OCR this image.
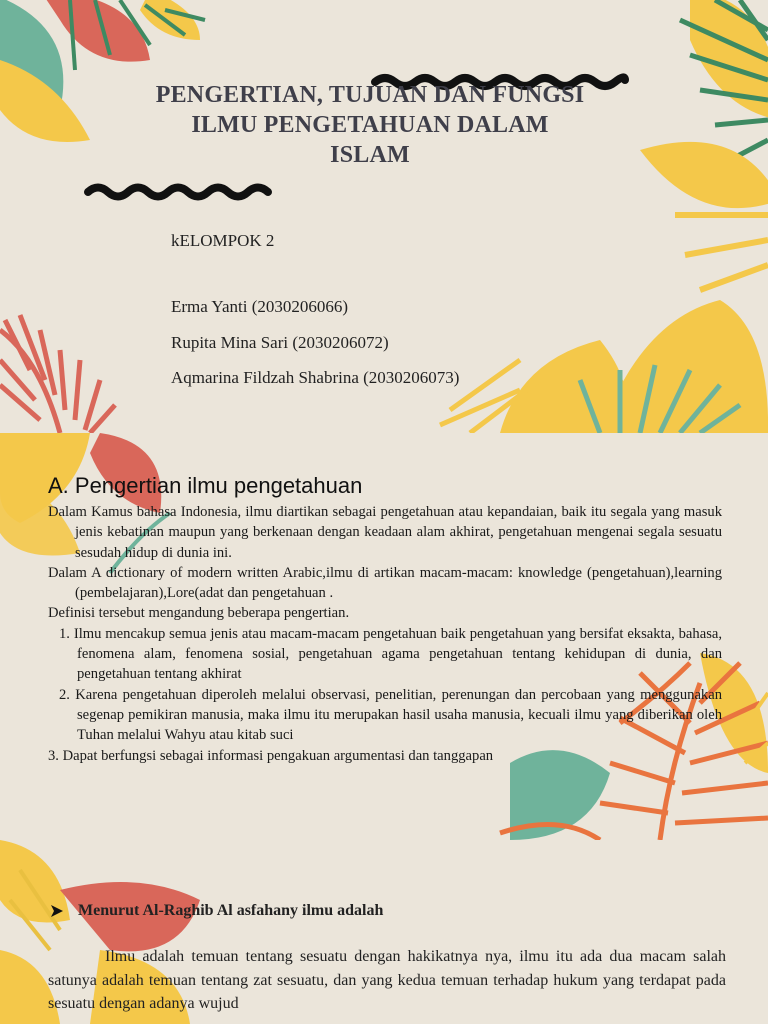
PENGERTIAN, TUJUAN DAN FUNGSI ILMU PENGETAHUAN DALAM ISLAM
kELOMPOK 2
Erma Yanti (2030206066)
Rupita Mina Sari (2030206072)
Aqmarina Fildzah Shabrina (2030206073)
A. Pengertian ilmu pengetahuan

Dalam Kamus bahasa Indonesia, ilmu diartikan sebagai pengetahuan atau kepandaian, baik itu segala yang masuk jenis kebatinan maupun yang berkenaan dengan keadaan alam akhirat, pengetahuan mengenai segala sesuatu sesudah hidup di dunia ini.

Dalam A dictionary of modern written Arabic,ilmu di artikan macam-macam: knowledge (pengetahuan),learning (pembelajaran),Lore(adat dan pengetahuan .

Definisi tersebut mengandung beberapa pengertian.

1. Ilmu mencakup semua jenis atau macam-macam pengetahuan baik pengetahuan yang bersifat eksakta, bahasa, fenomena alam, fenomena sosial, pengetahuan agama pengetahuan tentang kehidupan di dunia, dan pengetahuan tentang akhirat

2. Karena pengetahuan diperoleh melalui observasi, penelitian, perenungan dan percobaan yang menggunakan segenap pemikiran manusia, maka ilmu itu merupakan hasil usaha manusia, kecuali ilmu yang diberikan oleh Tuhan melalui Wahyu atau kitab suci

3. Dapat berfungsi sebagai informasi pengakuan argumentasi dan tanggapan

Menurut Al-Raghib Al asfahany ilmu adalah
Ilmu adalah temuan tentang sesuatu dengan hakikatnya nya, ilmu itu ada dua macam salah satunya adalah temuan tentang zat sesuatu, dan yang kedua temuan terhadap hukum yang terdapat pada sesuatu dengan adanya wujud
